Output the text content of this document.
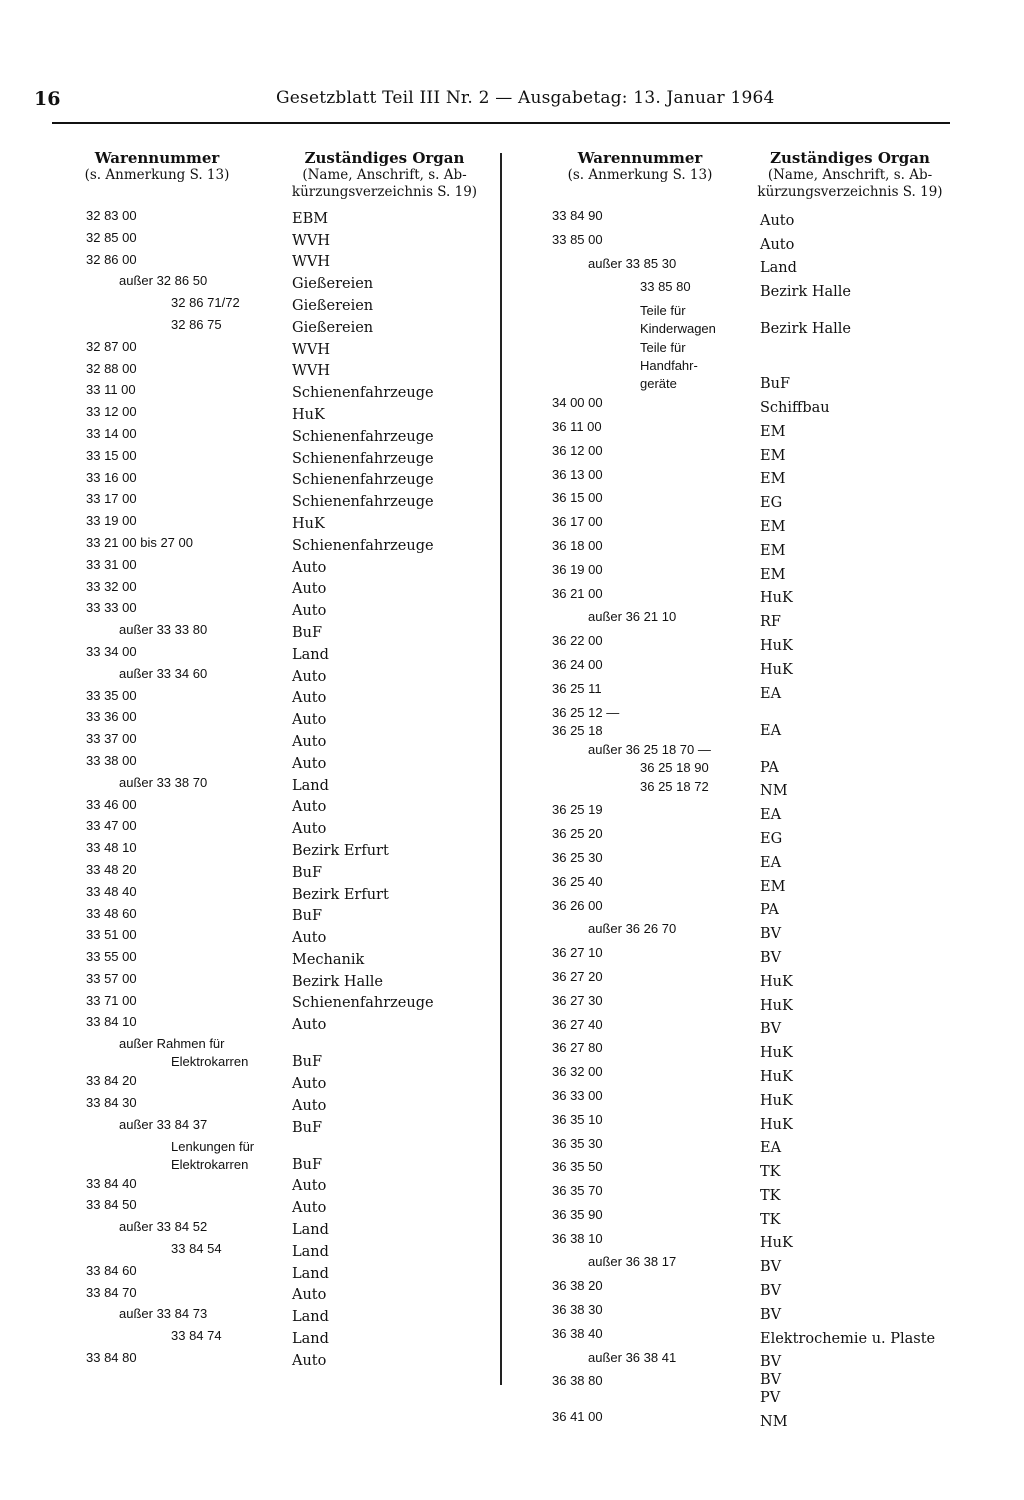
16	Gesetzblatt Teil III Nr. 2 — Ausgabetag: 13. Januar 1964
Warennummer
(s. Anmerkung S. 13)
Zuständiges Organ
(Name, Anschrift, s. Ab-
kürzungsverzeichnis S. 19)
32 83 00	EBM
32 85 00	WVH
32 86 00	WVH
außer 32 86 50	Gießereien
32 86 71/72	Gießereien
32 86 75	Gießereien
32 87 00	WVH
32 88 00	WVH
33 11 00	Schienenfahrzeuge
33 12 00	HuK
33 14 00	Schienenfahrzeuge
33 15 00	Schienenfahrzeuge
33 16 00	Schienenfahrzeuge
33 17 00	Schienenfahrzeuge
33 19 00	HuK
33 21 00 bis 27 00	Schienenfahrzeuge
33 31 00	Auto
33 32 00	Auto
33 33 00	Auto
außer 33 33 80	BuF
33 34 00	Land
außer 33 34 60	Auto
33 35 00	Auto
33 36 00	Auto
33 37 00	Auto
33 38 00	Auto
außer 33 38 70	Land
33 46 00	Auto
33 47 00	Auto
33 48 10	Bezirk Erfurt
33 48 20	BuF
33 48 40	Bezirk Erfurt
33 48 60	BuF
33 51 00	Auto
33 55 00	Mechanik
33 57 00	Bezirk Halle
33 71 00	Schienenfahrzeuge
33 84 10	Auto
außer Rahmen für
Elektrokarren	BuF
33 84 20	Auto
33 84 30	Auto
außer 33 84 37	BuF
Lenkungen für
Elektrokarren	BuF
33 84 40	Auto
33 84 50	Auto
außer 33 84 52	Land
33 84 54	Land
33 84 60	Land
33 84 70	Auto
außer 33 84 73	Land
33 84 74	Land
33 84 80	Auto
Warennummer
(s. Anmerkung S. 13)
Zuständiges Organ
(Name, Anschrift, s. Ab-
kürzungsverzeichnis S. 19)
33 84 90	Auto
33 85 00	Auto
außer 33 85 30	Land
33 85 80	Bezirk Halle
Teile für
Kinderwagen	Bezirk Halle
Teile für
Handfahr-
geräte	BuF
34 00 00	Schiffbau
36 11 00	EM
36 12 00	EM
36 13 00	EM
36 15 00	EG
36 17 00	EM
36 18 00	EM
36 19 00	EM
36 21 00	HuK
außer 36 21 10	RF
36 22 00	HuK
36 24 00	HuK
36 25 11	EA
36 25 12 —
36 25 18	EA
außer 36 25 18 70 —
36 25 18 90	PA
36 25 18 72	NM
36 25 19	EA
36 25 20	EG
36 25 30	EA
36 25 40	EM
36 26 00	PA
außer 36 26 70	BV
36 27 10	BV
36 27 20	HuK
36 27 30	HuK
36 27 40	BV
36 27 80	HuK
36 32 00	HuK
36 33 00	HuK
36 35 10	HuK
36 35 30	EA
36 35 50	TK
36 35 70	TK
36 35 90	TK
36 38 10	HuK
außer 36 38 17	BV
36 38 20	BV
36 38 30	BV
36 38 40	Elektrochemie u. Plaste
außer 36 38 41	BV
36 38 80	BV
PV
36 41 00	NM
